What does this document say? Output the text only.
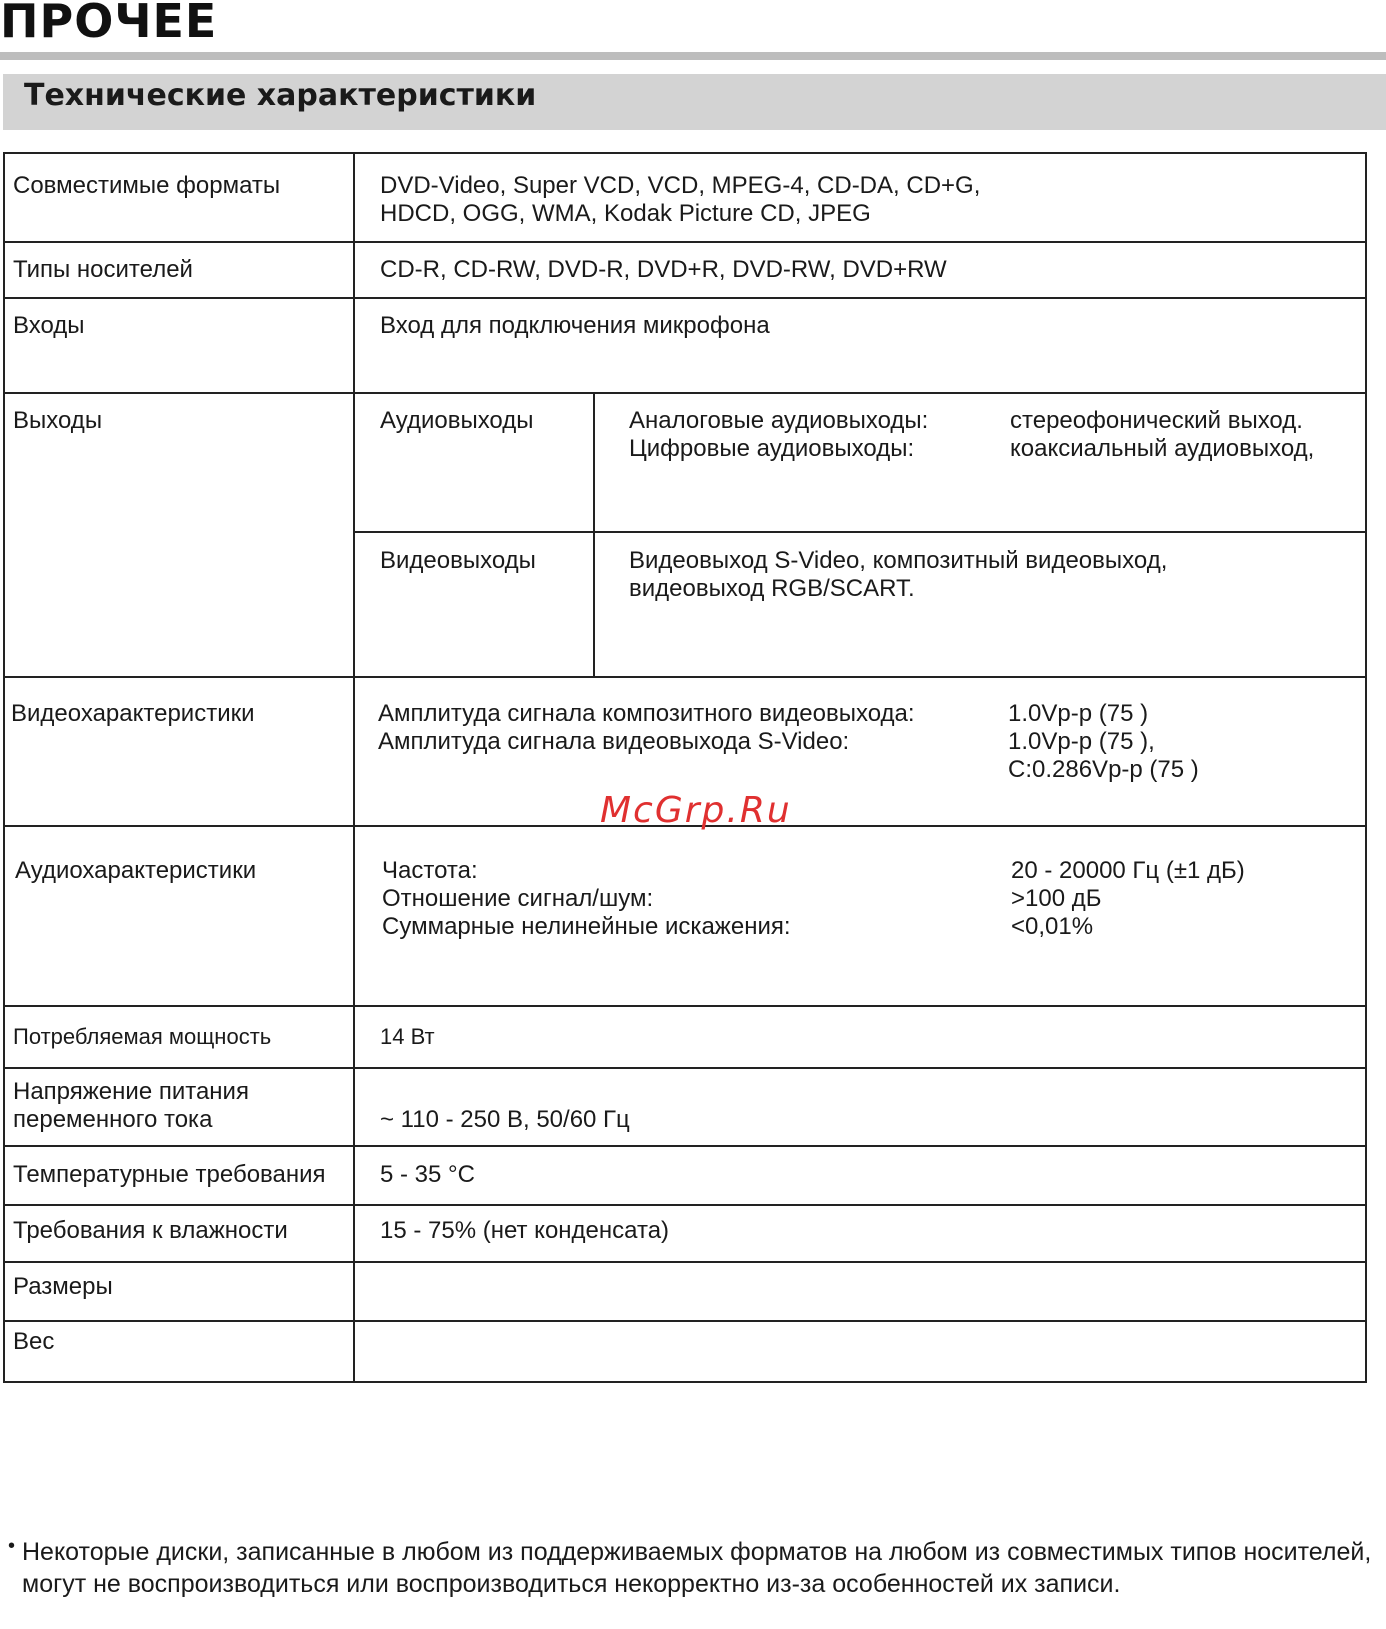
ПРОЧЕЕ
Технические характеристики
Совместимые форматы	DVD-Video, Super VCD, VCD, MPEG-4, CD-DA, CD+G,
HDCD, OGG, WMA, Kodak Picture CD, JPEG
Типы носителей	CD-R, CD-RW, DVD-R, DVD+R, DVD-RW, DVD+RW
Входы	Вход для подключения микрофона
Выходы	Аудиовыходы	Аналоговые аудиовыходы:	стереофонический выход.
Цифровые аудиовыходы:	коаксиальный аудиовыход,
Видеовыходы	Видеовыход S-Video, композитный видеовыход,
видеовыход RGB/SCART.
Видеохарактеристики	Амплитуда сигнала композитного видеовыхода:	1.0Vp-p (75 )
Амплитуда сигнала видеовыхода S-Video:	1.0Vp-p (75 ),
C:0.286Vp-p (75 )
McGrp.Ru
Аудиохарактеристики	Частота:	20 - 20000 Гц (±1 дБ)
Отношение сигнал/шум:	>100 дБ
Суммарные нелинейные искажения:	<0,01%
Потребляемая мощность	14 Вт
Напряжение питания
переменного тока	~ 110 - 250 В, 50/60 Гц
Температурные требования 5 - 35 °C
Требования к влажности	15 - 75% (нет конденсата)
Размеры
Вес
• Некоторые диски, записанные в любом из поддерживаемых форматов на любом из совместимых типов носителей, могут не воспроизводиться или воспроизводиться некорректно из-за особенностей их записи.
